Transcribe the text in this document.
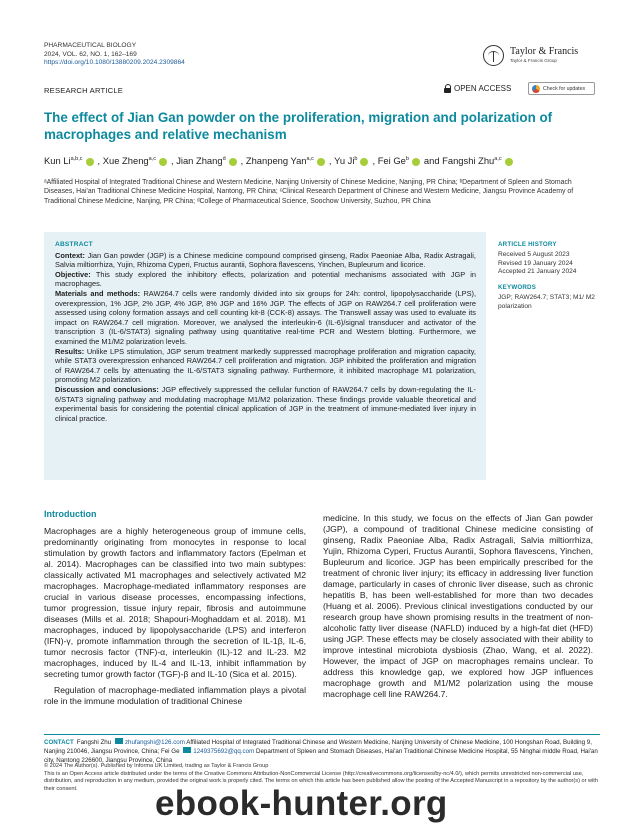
PHARMACEUTICAL BIOLOGY
2024, VOL. 62, NO. 1, 162–169
https://doi.org/10.1080/13880209.2024.2309864
Taylor & Francis
Taylor & Francis Group
RESEARCH ARTICLE	OPEN ACCESS	Check for updates
The effect of Jian Gan powder on the proliferation, migration and polarization of macrophages and relative mechanism
Kun Li$^{a,b,c}$ , Xue Zheng$^{a,c}$ , Jian Zhang$^d$ , Zhanpeng Yan$^{a,c}$ , Yu Ji$^b$ , Fei Ge$^b$ and Fangshi Zhu$^{a,c}$
ᵃAffiliated Hospital of Integrated Traditional Chinese and Western Medicine, Nanjing University of Chinese Medicine, Nanjing, PR China; ᵇDepartment of Spleen and Stomach Diseases, Hai'an Traditional Chinese Medicine Hospital, Nantong, PR China; ᶜClinical Research Department of Chinese and Western Medicine, Jiangsu Province Academy of Traditional Chinese Medicine, Nanjing, PR China; ᵈCollege of Pharmaceutical Science, Soochow University, Suzhou, PR China
ABSTRACT

Context: Jian Gan powder (JGP) is a Chinese medicine compound comprised ginseng, Radix Paeoniae Alba, Radix Astragali, Salvia miltiorrhiza, Yujin, Rhizoma Cyperi, Fructus aurantii, Sophora flavescens, Yinchen, Bupleurum and licorice.

Objective: This study explored the inhibitory effects, polarization and potential mechanisms associated with JGP in macrophages.

Materials and methods: RAW264.7 cells were randomly divided into six groups for 24h: control, lipopolysaccharide (LPS), overexpression, 1% JGP, 2% JGP, 4% JGP, 8% JGP and 16% JGP. The effects of JGP on RAW264.7 cell proliferation were assessed using colony formation assays and cell counting kit-8 (CCK-8) assays. The Transwell assay was used to evaluate its impact on RAW264.7 cell migration. Moreover, we analysed the interleukin-6 (IL-6)/signal transducer and activator of the transcription 3 (IL-6/STAT3) signaling pathway using quantitative real-time PCR and Western blotting. Furthermore, we examined the M1/M2 polarization levels.

Results: Unlike LPS stimulation, JGP serum treatment markedly suppressed macrophage proliferation and migration capacity, while STAT3 overexpression enhanced RAW264.7 cell proliferation and migration. JGP inhibited the proliferation and migration of RAW264.7 cells by attenuating the IL-6/STAT3 signaling pathway. Furthermore, it inhibited macrophage M1 polarization, promoting M2 polarization.

Discussion and conclusions: JGP effectively suppressed the cellular function of RAW264.7 cells by down-regulating the IL-6/STAT3 signaling pathway and modulating macrophage M1/M2 polarization. These findings provide valuable theoretical and experimental basis for considering the potential clinical application of JGP in the treatment of immune-mediated liver injury in clinical practice.

ARTICLE HISTORY
Received 5 August 2023
Revised 19 January 2024
Accepted 21 January 2024
KEYWORDS
JGP; RAW264.7; STAT3; M1/ M2 polarization
Introduction

Macrophages are a highly heterogeneous group of immune cells, predominantly originating from monocytes in response to local stimulation by growth factors and inflammatory factors (Epelman et al. 2014). Macrophages can be classified into two main subtypes: classically activated M1 macrophages and selectively activated M2 macrophages. Macrophage-mediated inflammatory responses are crucial in various disease processes, encompassing infections, tumor progression, tissue injury repair, fibrosis and autoimmune diseases (Mills et al. 2018; Shapouri-Moghaddam et al. 2018). M1 macrophages, induced by lipopolysaccharide (LPS) and interferon (IFN)-γ, promote inflammation through the secretion of IL-1β, IL-6, tumor necrosis factor (TNF)-α, interleukin (IL)-12 and IL-23. M2 macrophages, induced by IL-4 and IL-13, inhibit inflammation by secreting tumor growth factor (TGF)-β and IL-10 (Sica et al. 2015).

Regulation of macrophage-mediated inflammation plays a pivotal role in the immune modulation of traditional Chinese

medicine. In this study, we focus on the effects of Jian Gan powder (JGP), a compound of traditional Chinese medicine consisting of ginseng, Radix Paeoniae Alba, Radix Astragali, Salvia miltiorrhiza, Yujin, Rhizoma Cyperi, Fructus Aurantii, Sophora flavescens, Yinchen, Bupleurum and licorice. JGP has been empirically prescribed for the treatment of chronic liver injury; its efficacy in addressing liver function damage, particularly in cases of chronic liver disease, such as chronic hepatitis B, has been well-established for more than two decades (Huang et al. 2006). Previous clinical investigations conducted by our research group have shown promising results in the treatment of non-alcoholic fatty liver disease (NAFLD) induced by a high-fat diet (HFD) using JGP. These effects may be closely associated with their ability to improve intestinal microbiota dysbiosis (Zhao, Wang, et al. 2022). However, the impact of JGP on macrophages remains unclear. To address this knowledge gap, we explored how JGP influences macrophage growth and M1/M2 polarization using the mouse macrophage cell line RAW264.7.

CONTACT Fangshi Zhu zhufangshi@126.com Affiliated Hospital of Integrated Traditional Chinese and Western Medicine, Nanjing University of Chinese Medicine, 100 Hongshan Road, Building 9, Nanjing 210046, Jiangsu Province, China; Fei Ge 1249375692@qq.com Department of Spleen and Stomach Diseases, Hai'an Traditional Chinese Medicine Hospital, 55 Ninghai middle Road, Hai'an city, Nantong 226600, Jiangsu Province, China
© 2024 The Author(s). Published by Informa UK Limited, trading as Taylor & Francis Group
This is an Open Access article distributed under the terms of the Creative Commons Attribution-NonCommercial License (http://creativecommons.org/licenses/by-nc/4.0/), which permits unrestricted non-commercial use, distribution, and reproduction in any medium, provided the original work is properly cited. The terms on which this article has been published allow the posting of the Accepted Manuscript in a repository by the author(s) or with their consent.	ebook-hunter.org
